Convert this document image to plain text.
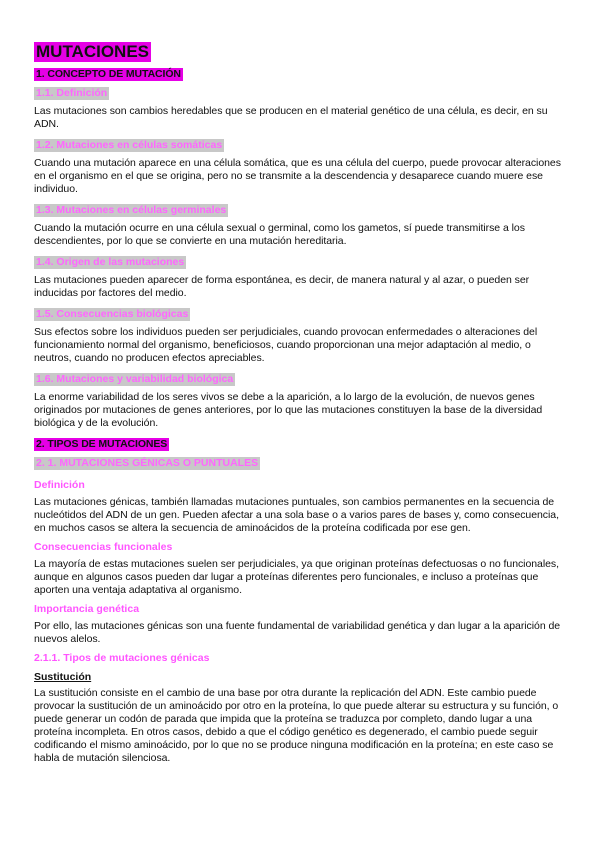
MUTACIONES
1. CONCEPTO DE MUTACIÓN
1.1. Definición
Las mutaciones son cambios heredables que se producen en el material genético de una célula, es decir, en su ADN.
1.2. Mutaciones en células somáticas
Cuando una mutación aparece en una célula somática, que es una célula del cuerpo, puede provocar alteraciones en el organismo en el que se origina, pero no se transmite a la descendencia y desaparece cuando muere ese individuo.
1.3. Mutaciones en células germinales
Cuando la mutación ocurre en una célula sexual o germinal, como los gametos, sí puede transmitirse a los descendientes, por lo que se convierte en una mutación hereditaria.
1.4. Origen de las mutaciones
Las mutaciones pueden aparecer de forma espontánea, es decir, de manera natural y al azar, o pueden ser inducidas por factores del medio.
1.5. Consecuencias biológicas
Sus efectos sobre los individuos pueden ser perjudiciales, cuando provocan enfermedades o alteraciones del funcionamiento normal del organismo, beneficiosos, cuando proporcionan una mejor adaptación al medio, o neutros, cuando no producen efectos apreciables.
1.6. Mutaciones y variabilidad biológica
La enorme variabilidad de los seres vivos se debe a la aparición, a lo largo de la evolución, de nuevos genes originados por mutaciones de genes anteriores, por lo que las mutaciones constituyen la base de la diversidad biológica y de la evolución.
2. TIPOS DE MUTACIONES
2. 1. MUTACIONES GÉNICAS O PUNTUALES
Definición
Las mutaciones génicas, también llamadas mutaciones puntuales, son cambios permanentes en la secuencia de nucleótidos del ADN de un gen. Pueden afectar a una sola base o a varios pares de bases y, como consecuencia, en muchos casos se altera la secuencia de aminoácidos de la proteína codificada por ese gen.
Consecuencias funcionales
La mayoría de estas mutaciones suelen ser perjudiciales, ya que originan proteínas defectuosas o no funcionales, aunque en algunos casos pueden dar lugar a proteínas diferentes pero funcionales, e incluso a proteínas que aporten una ventaja adaptativa al organismo.
Importancia genética
Por ello, las mutaciones génicas son una fuente fundamental de variabilidad genética y dan lugar a la aparición de nuevos alelos.
2.1.1. Tipos de mutaciones génicas
Sustitución
La sustitución consiste en el cambio de una base por otra durante la replicación del ADN. Este cambio puede provocar la sustitución de un aminoácido por otro en la proteína, lo que puede alterar su estructura y su función, o puede generar un codón de parada que impida que la proteína se traduzca por completo, dando lugar a una proteína incompleta. En otros casos, debido a que el código genético es degenerado, el cambio puede seguir codificando el mismo aminoácido, por lo que no se produce ninguna modificación en la proteína; en este caso se habla de mutación silenciosa.
